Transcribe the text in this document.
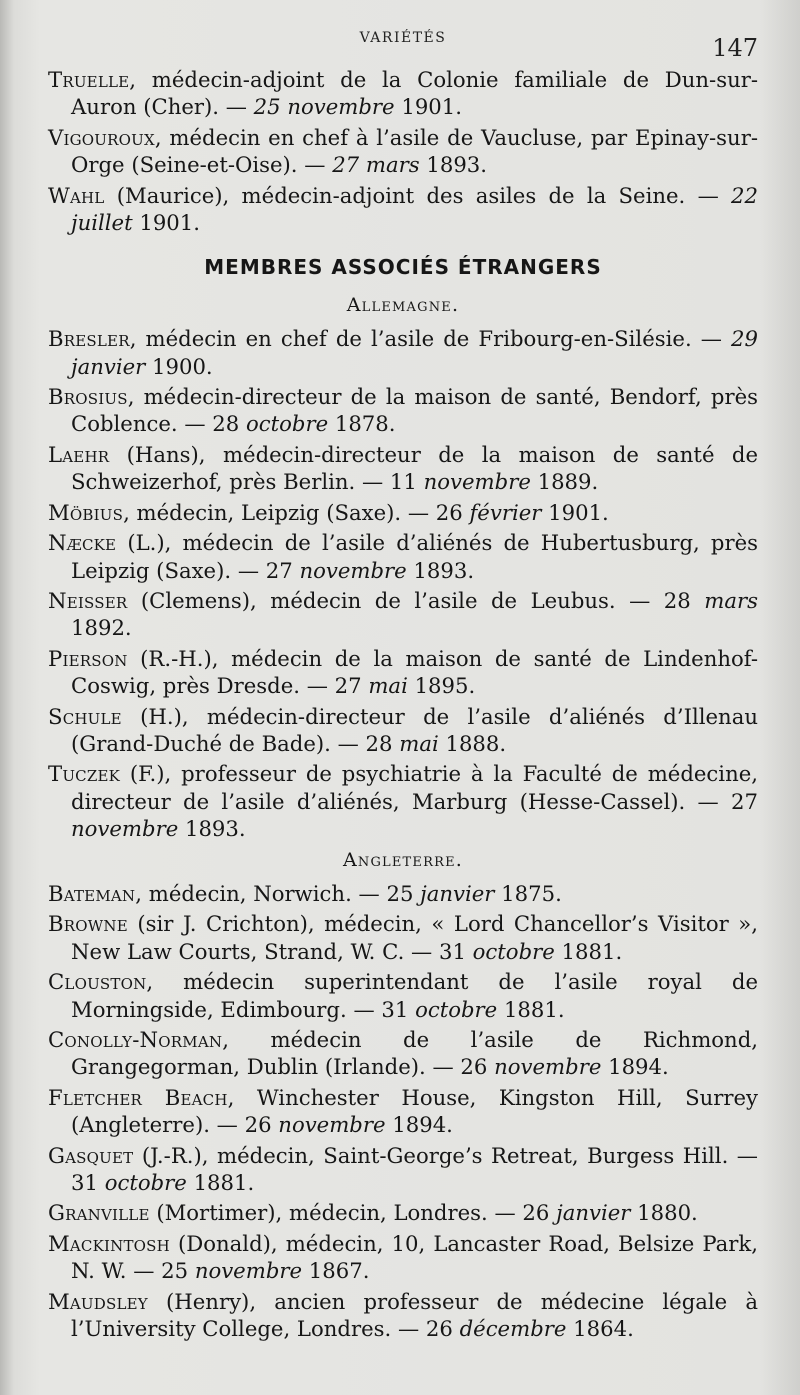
VARIÉTÉS	147

Truelle, médecin-adjoint de la Colonie familiale de Dun-sur-Auron (Cher). — 25 novembre 1901.

Vigouroux, médecin en chef à l’asile de Vaucluse, par Epinay-sur-Orge (Seine-et-Oise). — 27 mars 1893.

Wahl (Maurice), médecin-adjoint des asiles de la Seine. — 22 juillet 1901.

MEMBRES ASSOCIÉS ÉTRANGERS
Allemagne.

Bresler, médecin en chef de l’asile de Fribourg-en-Silésie. — 29 janvier 1900.

Brosius, médecin-directeur de la maison de santé, Bendorf, près Coblence. — 28 octobre 1878.

Laehr (Hans), médecin-directeur de la maison de santé de Schweizerhof, près Berlin. — 11 novembre 1889.

Möbius, médecin, Leipzig (Saxe). — 26 février 1901.

Næcke (L.), médecin de l’asile d’aliénés de Hubertusburg, près Leipzig (Saxe). — 27 novembre 1893.

Neisser (Clemens), médecin de l’asile de Leubus. — 28 mars 1892.

Pierson (R.-H.), médecin de la maison de santé de Lindenhof-Coswig, près Dresde. — 27 mai 1895.

Schule (H.), médecin-directeur de l’asile d’aliénés d’Illenau (Grand-Duché de Bade). — 28 mai 1888.

Tuczek (F.), professeur de psychiatrie à la Faculté de médecine, directeur de l’asile d’aliénés, Marburg (Hesse-Cassel). — 27 novembre 1893.

Angleterre.

Bateman, médecin, Norwich. — 25 janvier 1875.

Browne (sir J. Crichton), médecin, « Lord Chancellor’s Visitor », New Law Courts, Strand, W. C. — 31 octobre 1881.

Clouston, médecin superintendant de l’asile royal de Morningside, Edimbourg. — 31 octobre 1881.

Conolly-Norman, médecin de l’asile de Richmond, Grangegorman, Dublin (Irlande). — 26 novembre 1894.

Fletcher Beach, Winchester House, Kingston Hill, Surrey (Angleterre). — 26 novembre 1894.

Gasquet (J.-R.), médecin, Saint-George’s Retreat, Burgess Hill. — 31 octobre 1881.

Granville (Mortimer), médecin, Londres. — 26 janvier 1880.

Mackintosh (Donald), médecin, 10, Lancaster Road, Belsize Park, N. W. — 25 novembre 1867.

Maudsley (Henry), ancien professeur de médecine légale à l’University College, Londres. — 26 décembre 1864.
